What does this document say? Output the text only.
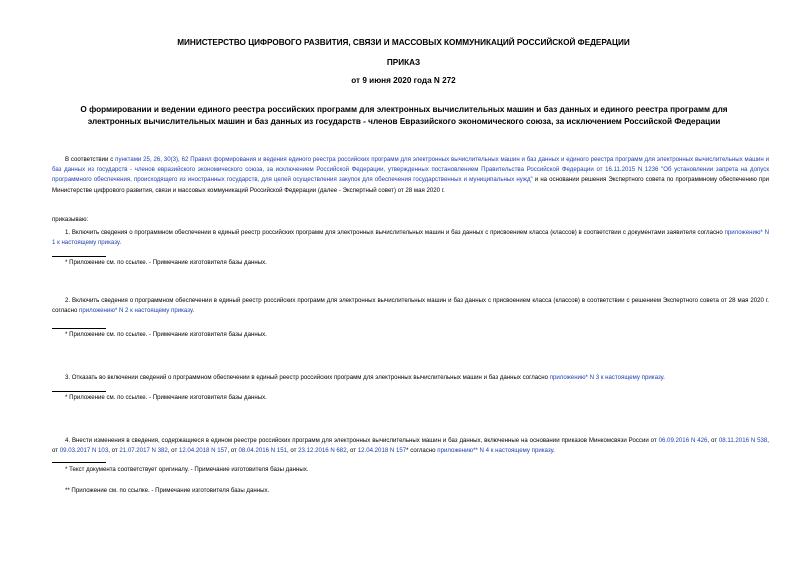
МИНИСТЕРСТВО ЦИФРОВОГО РАЗВИТИЯ, СВЯЗИ И МАССОВЫХ КОММУНИКАЦИЙ РОССИЙСКОЙ ФЕДЕРАЦИИ
ПРИКАЗ
от 9 июня 2020 года N 272
О формировании и ведении единого реестра российских программ для электронных вычислительных машин и баз данных и единого реестра программ для
электронных вычислительных машин и баз данных из государств - членов Евразийского экономического союза, за исключением Российской Федерации
В соответствии с пунктами 25, 26, 30(3), 62 Правил формирования и ведения единого реестра российских программ для электронных вычислительных машин и баз данных и единого реестра программ для электронных вычислительных машин и баз данных из государств - членов евразийского экономического союза, за исключением Российской Федерации, утвержденных постановлением Правительства Российской Федерации от 16.11.2015 N 1236 "Об установлении запрета на допуск программного обеспечения, происходящего из иностранных государств, для целей осуществления закупок для обеспечения государственных и муниципальных нужд" и на основании решения Экспертного совета по программному обеспечению при Министерстве цифрового развития, связи и массовых коммуникаций Российской Федерации (далее - Экспертный совет) от 28 мая 2020 г.
приказываю:
1. Включить сведения о программном обеспечении в единый реестр российских программ для электронных вычислительных машин и баз данных с присвоением класса (классов) в соответствии с документами заявителя согласно приложению* N 1 к настоящему приказу.
* Приложение см. по ссылке. - Примечание изготовителя базы данных.
2. Включить сведения о программном обеспечении в единый реестр российских программ для электронных вычислительных машин и баз данных с присвоением класса (классов) в соответствии с решением Экспертного совета от 28 мая 2020 г. согласно приложению* N 2 к настоящему приказу.
* Приложение см. по ссылке. - Примечание изготовителя базы данных.
3. Отказать во включении сведений о программном обеспечении в единый реестр российских программ для электронных вычислительных машин и баз данных согласно приложению* N 3 к настоящему приказу.
* Приложение см. по ссылке. - Примечание изготовителя базы данных.
4. Внести изменения в сведения, содержащиеся в едином реестре российских программ для электронных вычислительных машин и баз данных, включенные на основании приказов Минкомсвязи России от 06.09.2016 N 426, от 08.11.2016 N 538, от 09.03.2017 N 103, от 21.07.2017 N 382, от 12.04.2018 N 157, от 08.04.2016 N 151, от 23.12.2016 N 682, от 12.04.2018 N 157* согласно приложению** N 4 к настоящему приказу.
* Текст документа соответствует оригиналу. - Примечание изготовителя базы данных.
** Приложение см. по ссылке. - Примечание изготовителя базы данных.
